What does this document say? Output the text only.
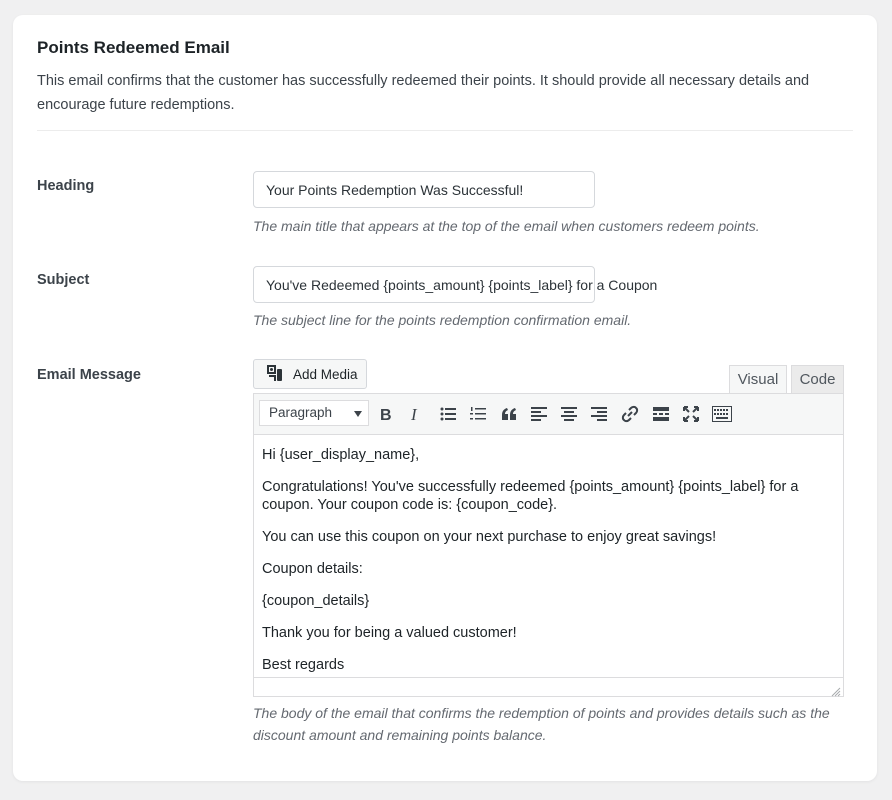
Points Redeemed Email
This email confirms that the customer has successfully redeemed their points. It should provide all necessary details and encourage future redemptions.
Heading	Your Points Redemption Was Successful!
The main title that appears at the top of the email when customers redeem points.
Subject	You've Redeemed {points_amount} {points_label} for a Coupon
The subject line for the points redemption confirmation email.
Email Message	Add Media	Visual	Code
Paragraph	B I

Hi {user_display_name},

Congratulations! You've successfully redeemed {points_amount} {points_label} for a coupon. Your coupon code is: {coupon_code}.

You can use this coupon on your next purchase to enjoy great savings!

Coupon details:

{coupon_details}

Thank you for being a valued customer!

Best regards

The body of the email that confirms the redemption of points and provides details such as the discount amount and remaining points balance.
